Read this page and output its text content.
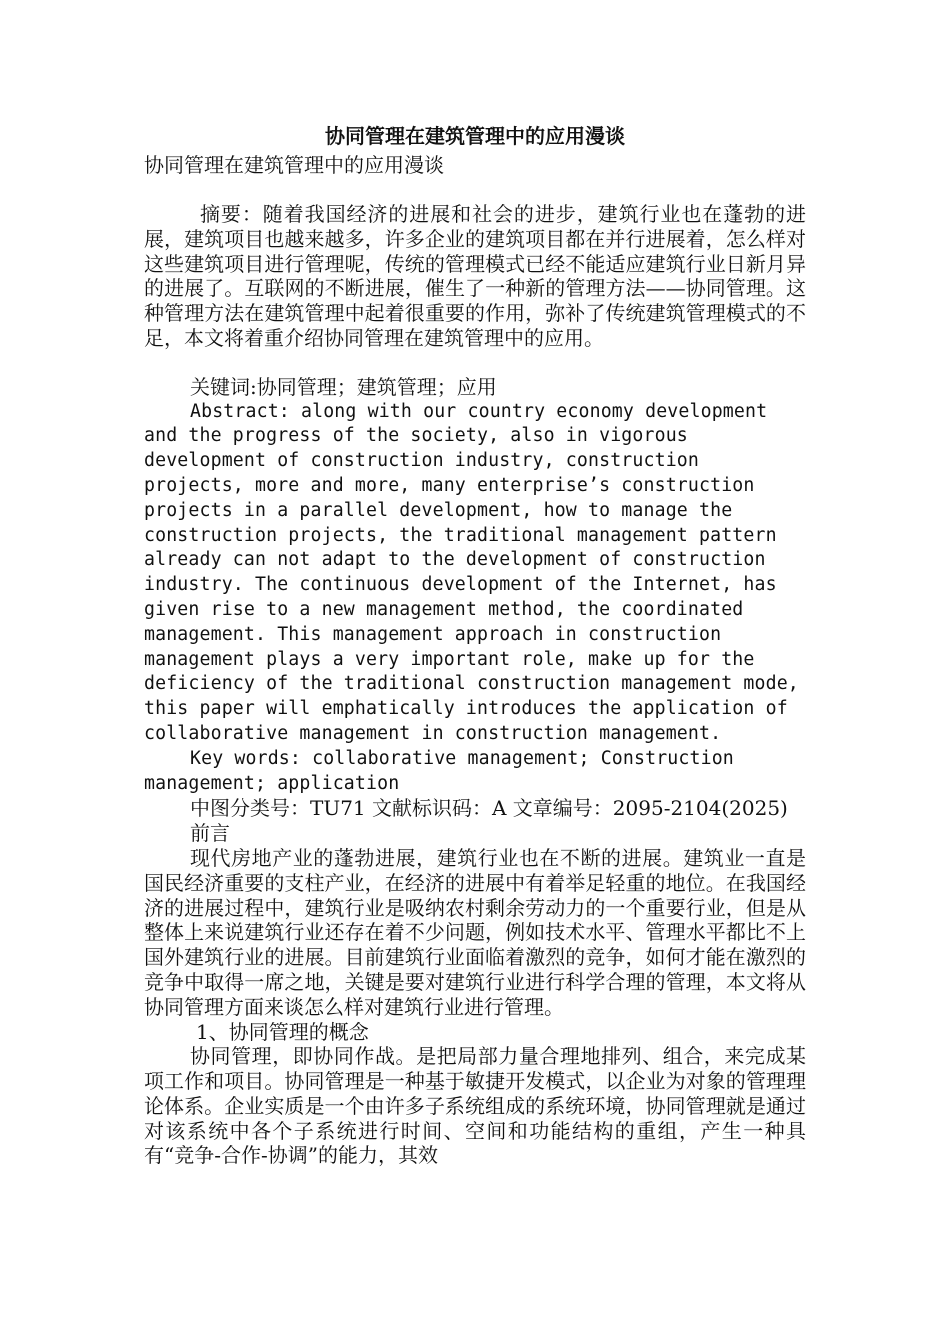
协同管理在建筑管理中的应用漫谈

协同管理在建筑管理中的应用漫谈

摘要：随着我国经济的进展和社会的进步，建筑行业也在蓬勃的进展，建筑项目也越来越多，许多企业的建筑项目都在并行进展着，怎么样对这些建筑项目进行管理呢，传统的管理模式已经不能适应建筑行业日新月异的进展了。互联网的不断进展，催生了一种新的管理方法——协同管理。这种管理方法在建筑管理中起着很重要的作用，弥补了传统建筑管理模式的不足，本文将着重介绍协同管理在建筑管理中的应用。

关键词:协同管理；建筑管理；应用

Abstract: along with our country economy development and the progress of the society, also in vigorous development of construction industry, construction projects, more and more, many enterprise’s construction projects in a parallel development, how to manage the construction projects, the traditional management pattern already can not adapt to the development of construction industry. The continuous development of the Internet, has given rise to a new management method, the coordinated management. This management approach in construction management plays a very important role, make up for the deficiency of the traditional construction management mode, this paper will emphatically introduces the application of collaborative management in construction management.

Key words: collaborative management; Construction management; application

中图分类号：TU71 文献标识码：A 文章编号：2095-2104(2025)

前言

现代房地产业的蓬勃进展，建筑行业也在不断的进展。建筑业一直是国民经济重要的支柱产业，在经济的进展中有着举足轻重的地位。在我国经济的进展过程中，建筑行业是吸纳农村剩余劳动力的一个重要行业，但是从整体上来说建筑行业还存在着不少问题，例如技术水平、管理水平都比不上国外建筑行业的进展。目前建筑行业面临着激烈的竞争，如何才能在激烈的竞争中取得一席之地，关键是要对建筑行业进行科学合理的管理，本文将从协同管理方面来谈怎么样对建筑行业进行管理。

1、协同管理的概念

协同管理，即协同作战。是把局部力量合理地排列、组合，来完成某项工作和项目。协同管理是一种基于敏捷开发模式，以企业为对象的管理理论体系。企业实质是一个由许多子系统组成的系统环境，协同管理就是通过对该系统中各个子系统进行时间、空间和功能结构的重组，产生一种具有“竞争-合作-协调”的能力，其效
